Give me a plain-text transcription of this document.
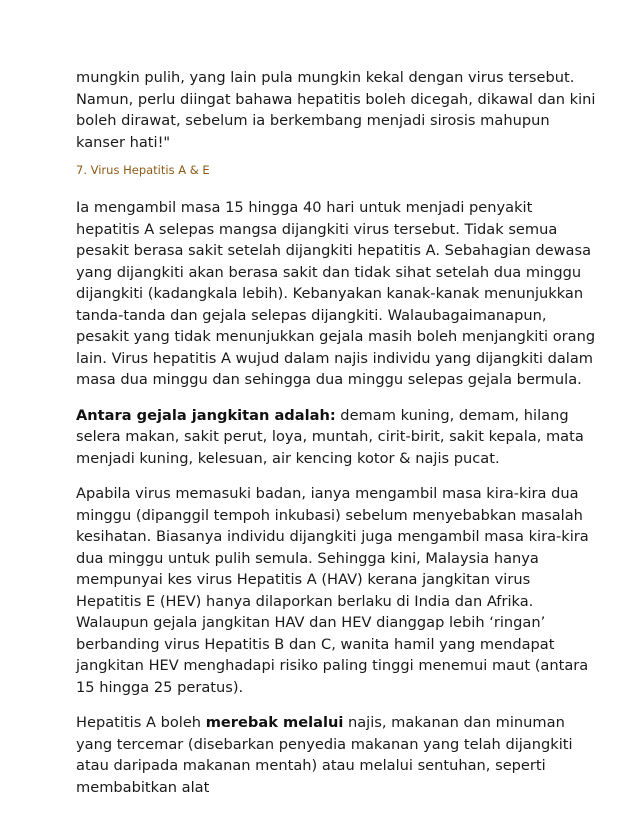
mungkin pulih, yang lain pula mungkin kekal dengan virus tersebut. Namun, perlu diingat bahawa hepatitis boleh dicegah, dikawal dan kini boleh dirawat, sebelum ia berkembang menjadi sirosis mahupun kanser hati!"

7. Virus Hepatitis A & E

Ia mengambil masa 15 hingga 40 hari untuk menjadi penyakit hepatitis A selepas mangsa dijangkiti virus tersebut. Tidak semua pesakit berasa sakit setelah dijangkiti hepatitis A. Sebahagian dewasa yang dijangkiti akan berasa sakit dan tidak sihat setelah dua minggu dijangkiti (kadangkala lebih). Kebanyakan kanak-kanak menunjukkan tanda-tanda dan gejala selepas dijangkiti. Walaubagaimanapun, pesakit yang tidak menunjukkan gejala masih boleh menjangkiti orang lain. Virus hepatitis A wujud dalam najis individu yang dijangkiti dalam masa dua minggu dan sehingga dua minggu selepas gejala bermula.

Antara gejala jangkitan adalah: demam kuning, demam, hilang selera makan, sakit perut, loya, muntah, cirit-birit, sakit kepala, mata menjadi kuning, kelesuan, air kencing kotor & najis pucat.

Apabila virus memasuki badan, ianya mengambil masa kira-kira dua minggu (dipanggil tempoh inkubasi) sebelum menyebabkan masalah kesihatan. Biasanya individu dijangkiti juga mengambil masa kira-kira dua minggu untuk pulih semula. Sehingga kini, Malaysia hanya mempunyai kes virus Hepatitis A (HAV) kerana jangkitan virus Hepatitis E (HEV) hanya dilaporkan berlaku di India dan Afrika. Walaupun gejala jangkitan HAV dan HEV dianggap lebih ‘ringan’ berbanding virus Hepatitis B dan C, wanita hamil yang mendapat jangkitan HEV menghadapi risiko paling tinggi menemui maut (antara 15 hingga 25 peratus).

Hepatitis A boleh merebak melalui najis, makanan dan minuman yang tercemar (disebarkan penyedia makanan yang telah dijangkiti atau daripada makanan mentah) atau melalui sentuhan, seperti membabitkan alat
